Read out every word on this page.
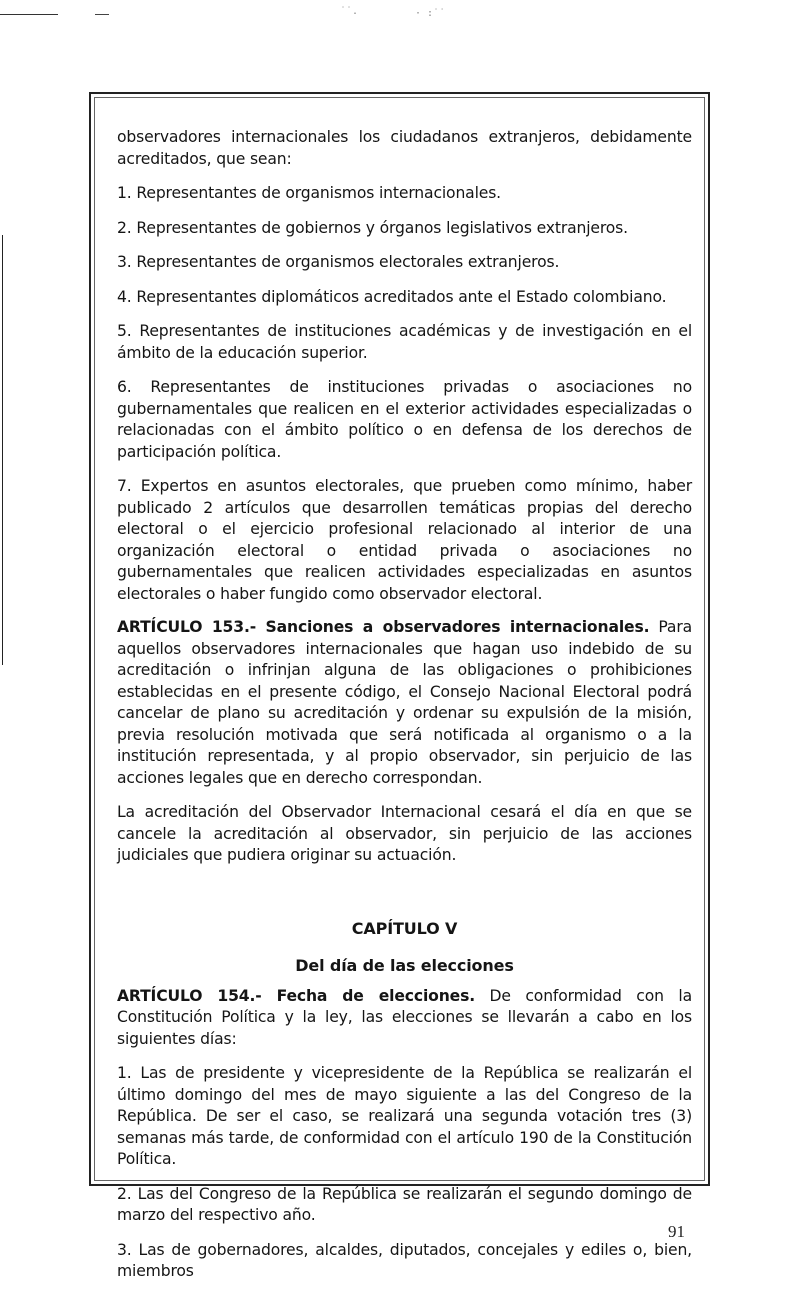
˙˙.	· :˙˙

observadores internacionales los ciudadanos extranjeros, debidamente acreditados, que sean:

1. Representantes de organismos internacionales.

2. Representantes de gobiernos y órganos legislativos extranjeros.

3. Representantes de organismos electorales extranjeros.

4. Representantes diplomáticos acreditados ante el Estado colombiano.

5. Representantes de instituciones académicas y de investigación en el ámbito de la educación superior.

6. Representantes de instituciones privadas o asociaciones no gubernamentales que realicen en el exterior actividades especializadas o relacionadas con el ámbito político o en defensa de los derechos de participación política.

7. Expertos en asuntos electorales, que prueben como mínimo, haber publicado 2 artículos que desarrollen temáticas propias del derecho electoral o el ejercicio profesional relacionado al interior de una organización electoral o entidad privada o asociaciones no gubernamentales que realicen actividades especializadas en asuntos electorales o haber fungido como observador electoral.

ARTÍCULO 153.- Sanciones a observadores internacionales. Para aquellos observadores internacionales que hagan uso indebido de su acreditación o infrinjan alguna de las obligaciones o prohibiciones establecidas en el presente código, el Consejo Nacional Electoral podrá cancelar de plano su acreditación y ordenar su expulsión de la misión, previa resolución motivada que será notificada al organismo o a la institución representada, y al propio observador, sin perjuicio de las acciones legales que en derecho correspondan.

La acreditación del Observador Internacional cesará el día en que se cancele la acreditación al observador, sin perjuicio de las acciones judiciales que pudiera originar su actuación.

CAPÍTULO V

Del día de las elecciones

ARTÍCULO 154.- Fecha de elecciones. De conformidad con la Constitución Política y la ley, las elecciones se llevarán a cabo en los siguientes días:

1. Las de presidente y vicepresidente de la República se realizarán el último domingo del mes de mayo siguiente a las del Congreso de la República. De ser el caso, se realizará una segunda votación tres (3) semanas más tarde, de conformidad con el artículo 190 de la Constitución Política.

2. Las del Congreso de la República se realizarán el segundo domingo de marzo del respectivo año.

3. Las de gobernadores, alcaldes, diputados, concejales y ediles o, bien, miembros

91
